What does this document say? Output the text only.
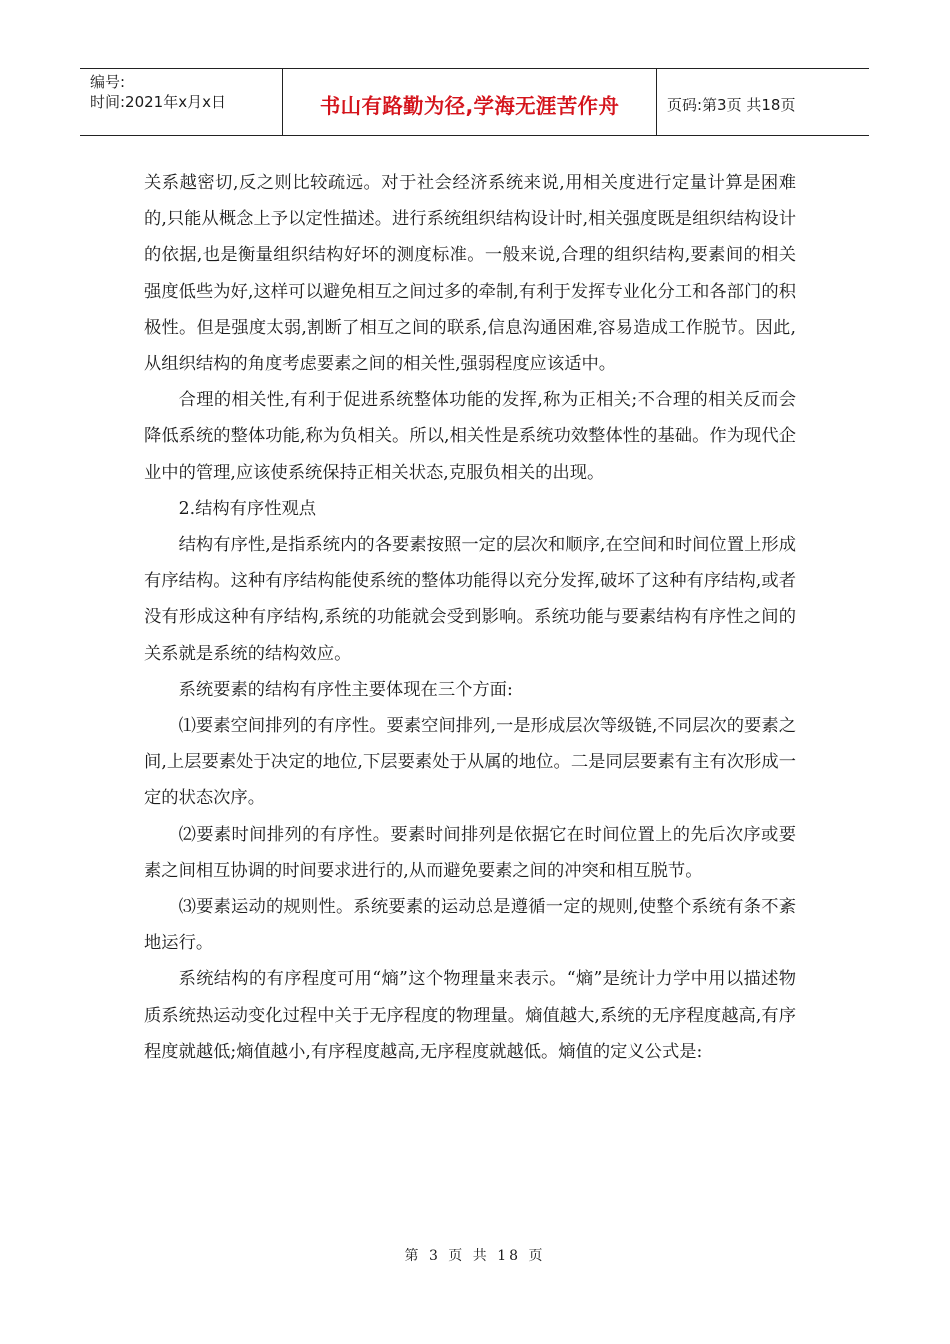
编号:
时间:2021年x月x日	书山有路勤为径,学海无涯苦作舟	页码:第3页 共18页

关系越密切,反之则比较疏远。对于社会经济系统来说,用相关度进行定量计算是困难的,只能从概念上予以定性描述。进行系统组织结构设计时,相关强度既是组织结构设计的依据,也是衡量组织结构好坏的测度标准。一般来说,合理的组织结构,要素间的相关强度低些为好,这样可以避免相互之间过多的牵制,有利于发挥专业化分工和各部门的积极性。但是强度太弱,割断了相互之间的联系,信息沟通困难,容易造成工作脱节。因此,从组织结构的角度考虑要素之间的相关性,强弱程度应该适中。

合理的相关性,有利于促进系统整体功能的发挥,称为正相关;不合理的相关反而会降低系统的整体功能,称为负相关。所以,相关性是系统功效整体性的基础。作为现代企业中的管理,应该使系统保持正相关状态,克服负相关的出现。

2.结构有序性观点

结构有序性,是指系统内的各要素按照一定的层次和顺序,在空间和时间位置上形成有序结构。这种有序结构能使系统的整体功能得以充分发挥,破坏了这种有序结构,或者没有形成这种有序结构,系统的功能就会受到影响。系统功能与要素结构有序性之间的关系就是系统的结构效应。

系统要素的结构有序性主要体现在三个方面:

⑴要素空间排列的有序性。要素空间排列,一是形成层次等级链,不同层次的要素之间,上层要素处于决定的地位,下层要素处于从属的地位。二是同层要素有主有次形成一定的状态次序。

⑵要素时间排列的有序性。要素时间排列是依据它在时间位置上的先后次序或要素之间相互协调的时间要求进行的,从而避免要素之间的冲突和相互脱节。

⑶要素运动的规则性。系统要素的运动总是遵循一定的规则,使整个系统有条不紊地运行。

系统结构的有序程度可用“熵”这个物理量来表示。“熵”是统计力学中用以描述物质系统热运动变化过程中关于无序程度的物理量。熵值越大,系统的无序程度越高,有序程度就越低;熵值越小,有序程度越高,无序程度就越低。熵值的定义公式是:

第 3 页 共 18 页
